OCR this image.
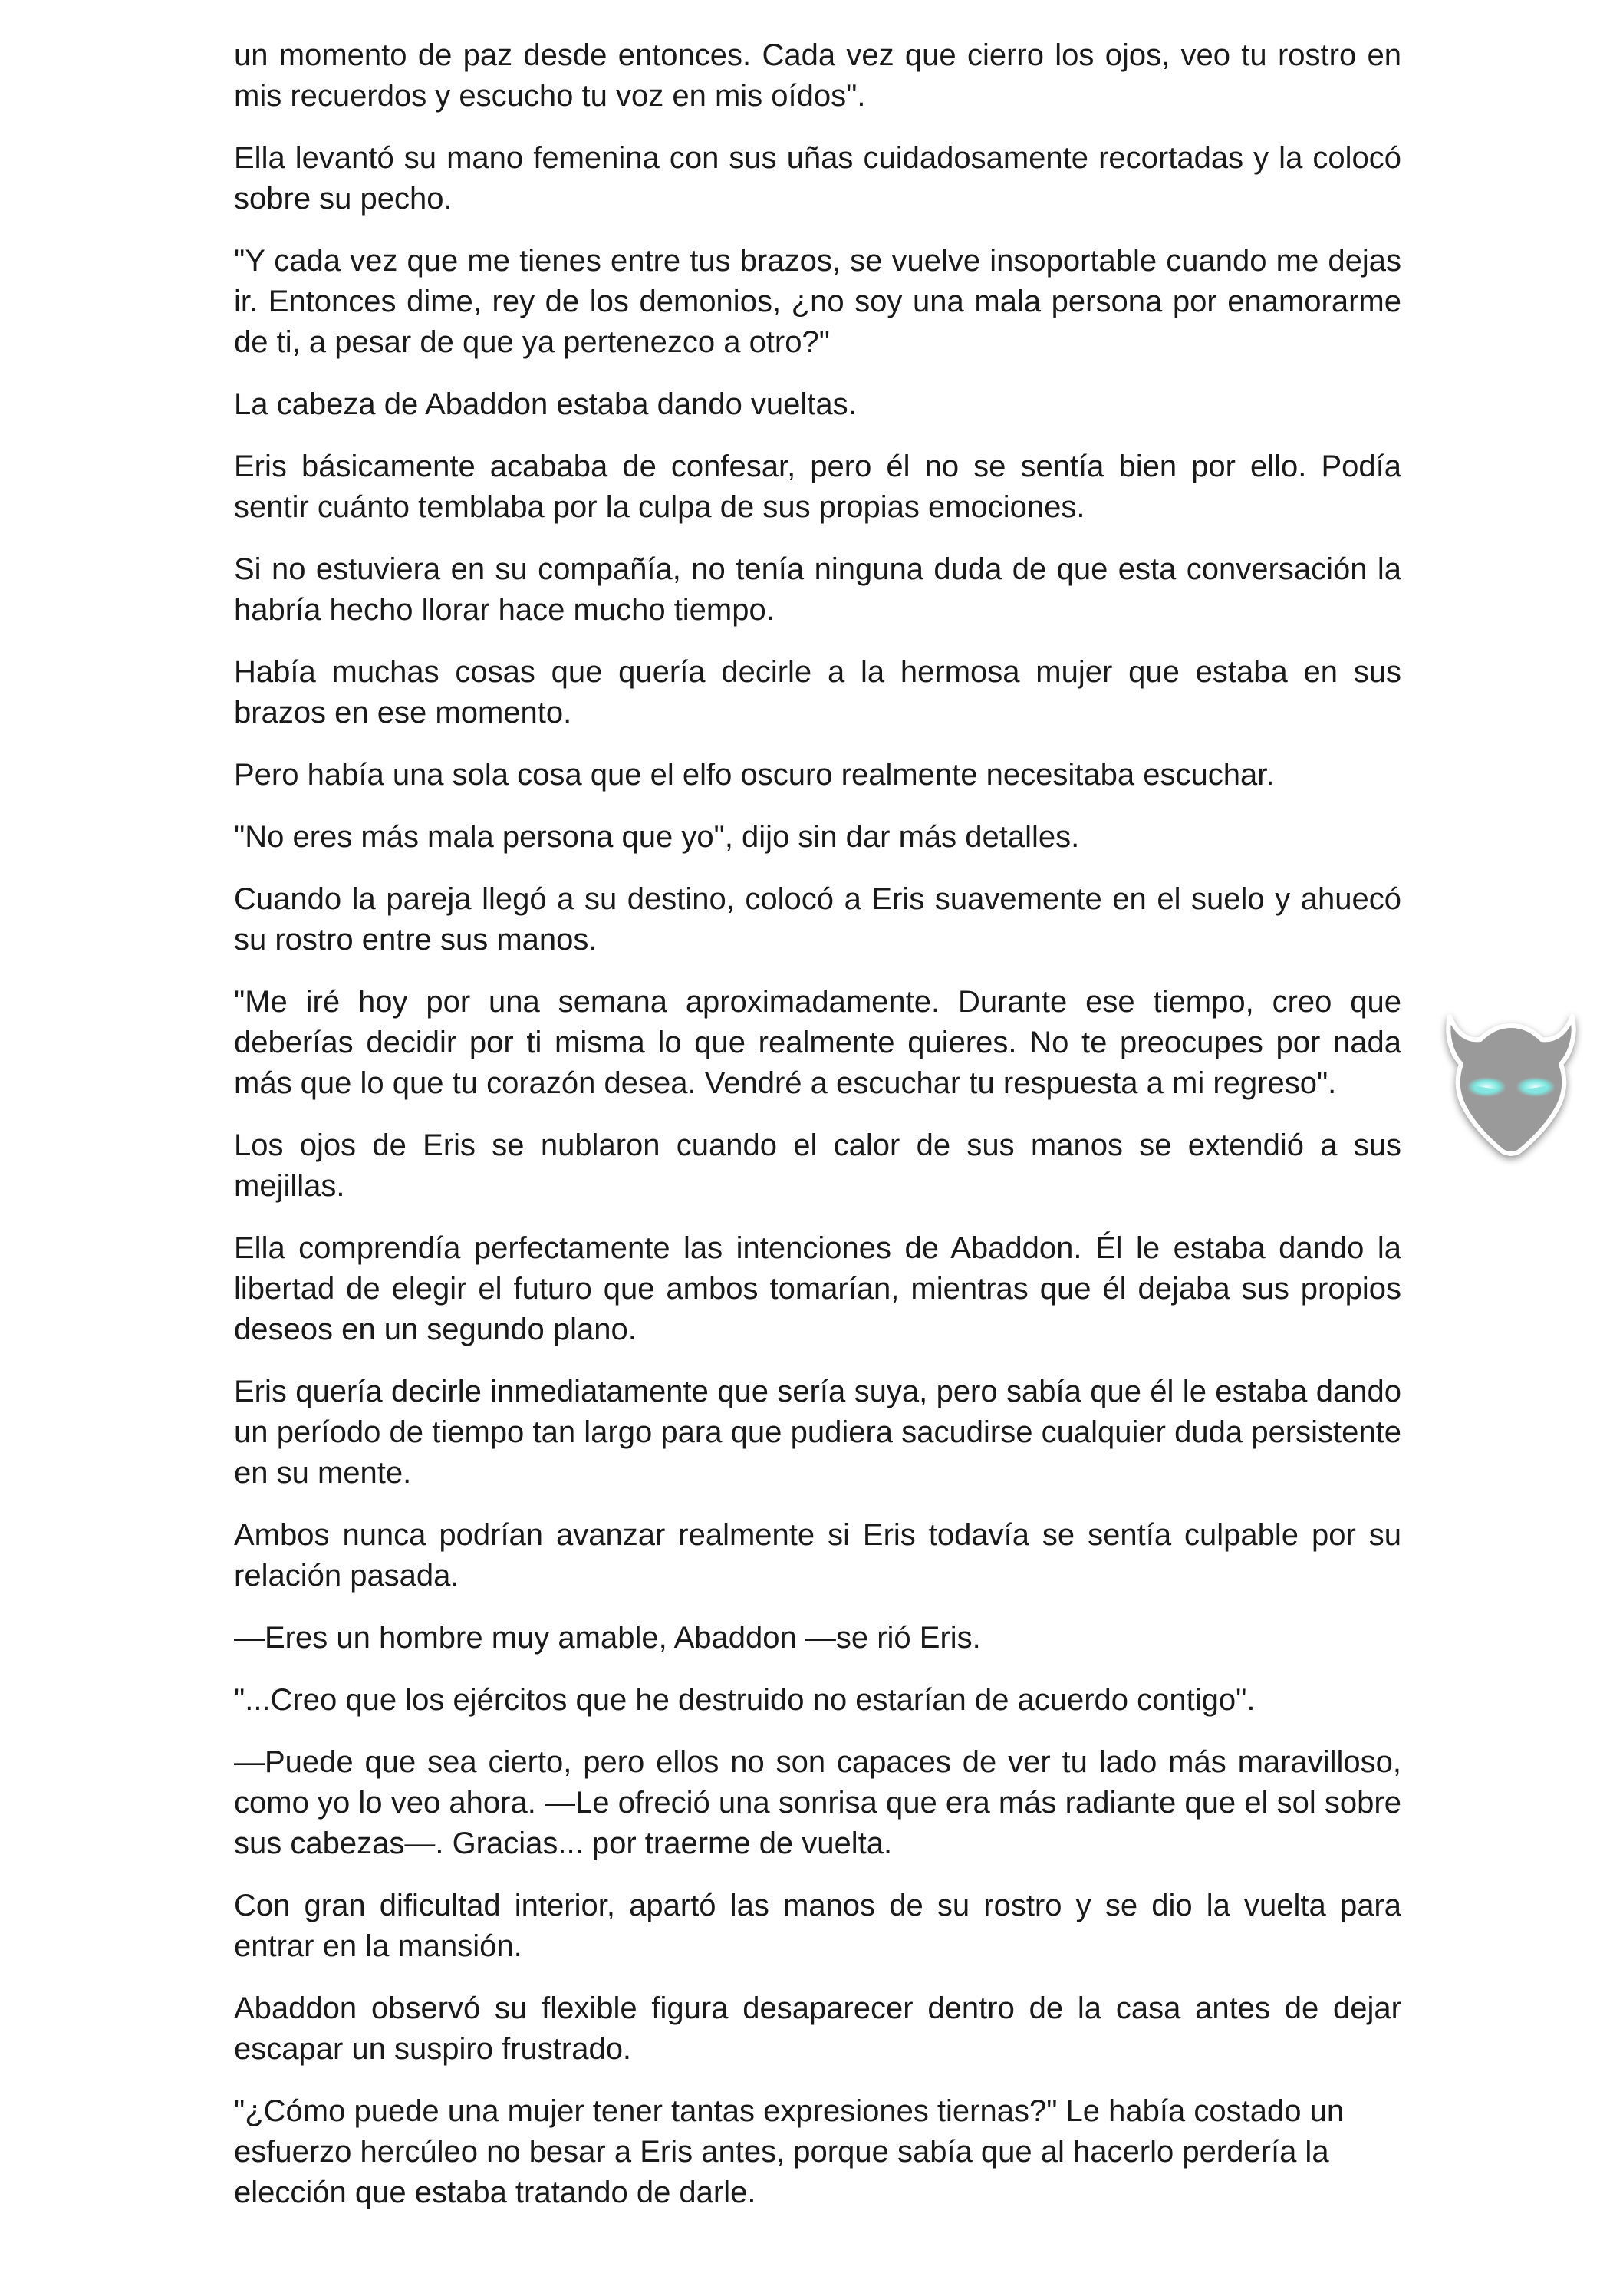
un momento de paz desde entonces. Cada vez que cierro los ojos, veo tu rostro en mis recuerdos y escucho tu voz en mis oídos".

Ella levantó su mano femenina con sus uñas cuidadosamente recortadas y la colocó sobre su pecho.

"Y cada vez que me tienes entre tus brazos, se vuelve insoportable cuando me dejas ir. Entonces dime, rey de los demonios, ¿no soy una mala persona por enamorarme de ti, a pesar de que ya pertenezco a otro?"

La cabeza de Abaddon estaba dando vueltas.

Eris básicamente acababa de confesar, pero él no se sentía bien por ello. Podía sentir cuánto temblaba por la culpa de sus propias emociones.

Si no estuviera en su compañía, no tenía ninguna duda de que esta conversación la habría hecho llorar hace mucho tiempo.

Había muchas cosas que quería decirle a la hermosa mujer que estaba en sus brazos en ese momento.

Pero había una sola cosa que el elfo oscuro realmente necesitaba escuchar.

"No eres más mala persona que yo", dijo sin dar más detalles.

Cuando la pareja llegó a su destino, colocó a Eris suavemente en el suelo y ahuecó su rostro entre sus manos.

"Me iré hoy por una semana aproximadamente. Durante ese tiempo, creo que deberías decidir por ti misma lo que realmente quieres. No te preocupes por nada más que lo que tu corazón desea. Vendré a escuchar tu respuesta a mi regreso".

Los ojos de Eris se nublaron cuando el calor de sus manos se extendió a sus mejillas.

Ella comprendía perfectamente las intenciones de Abaddon. Él le estaba dando la libertad de elegir el futuro que ambos tomarían, mientras que él dejaba sus propios deseos en un segundo plano.

Eris quería decirle inmediatamente que sería suya, pero sabía que él le estaba dando un período de tiempo tan largo para que pudiera sacudirse cualquier duda persistente en su mente.

Ambos nunca podrían avanzar realmente si Eris todavía se sentía culpable por su relación pasada.

—Eres un hombre muy amable, Abaddon —se rió Eris.

"...Creo que los ejércitos que he destruido no estarían de acuerdo contigo".

—Puede que sea cierto, pero ellos no son capaces de ver tu lado más maravilloso, como yo lo veo ahora. —Le ofreció una sonrisa que era más radiante que el sol sobre sus cabezas—. Gracias... por traerme de vuelta.

Con gran dificultad interior, apartó las manos de su rostro y se dio la vuelta para entrar en la mansión.

Abaddon observó su flexible figura desaparecer dentro de la casa antes de dejar escapar un suspiro frustrado.

"¿Cómo puede una mujer tener tantas expresiones tiernas?" Le había costado un esfuerzo hercúleo no besar a Eris antes, porque sabía que al hacerlo perdería la elección que estaba tratando de darle.
